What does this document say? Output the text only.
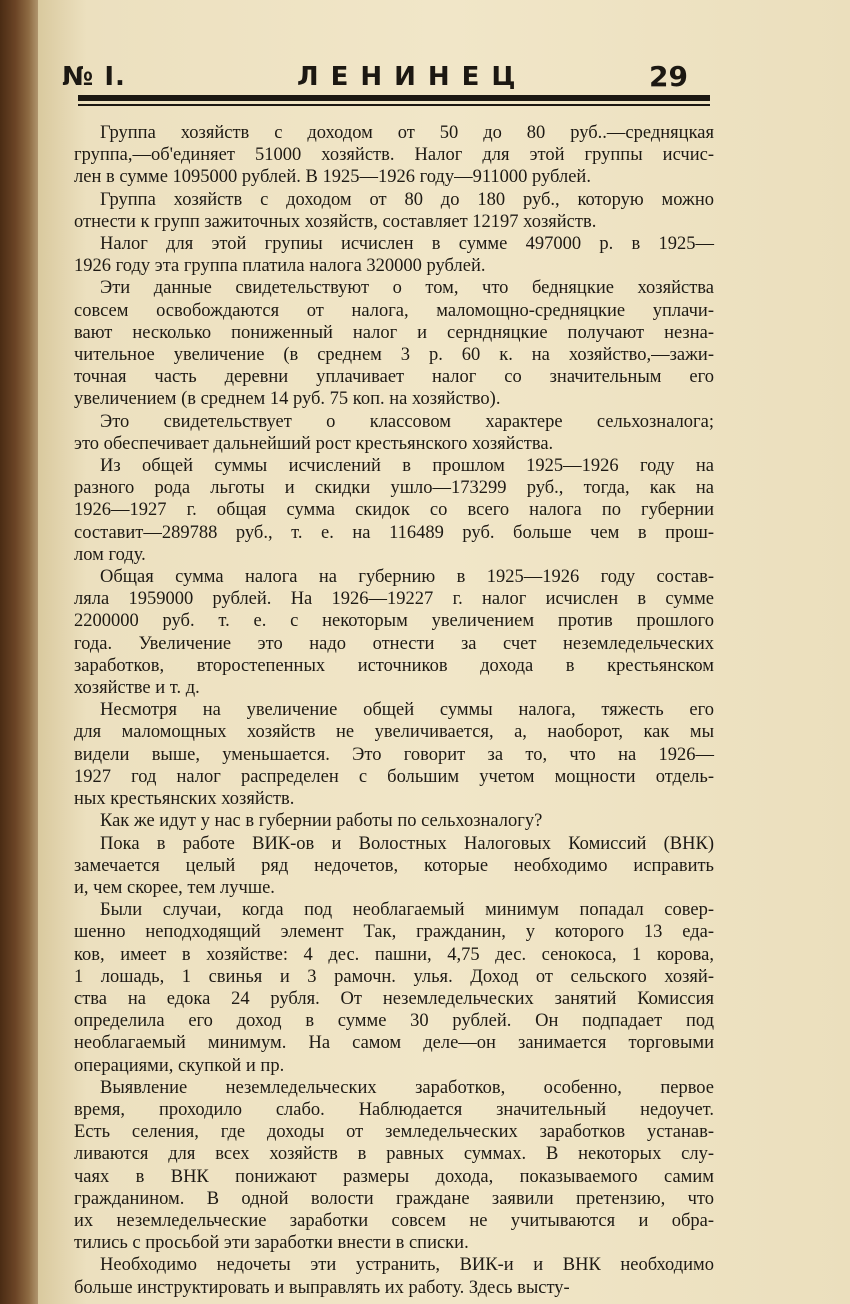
№ I.	ЛЕНИНЕЦ	29
Группа хозяйств с доходом от 50 до 80 руб..—средняцкая
группа,—об'единяет 51000 хозяйств. Налог для этой группы исчис-
лен в сумме 1095000 рублей. В 1925—1926 году—911000 рублей.
Группа хозяйств с доходом от 80 до 180 руб., которую можно
отнести к групп зажиточных хозяйств, составляет 12197 хозяйств.
Налог для этой групиы исчислен в сумме 497000 р. в 1925—
1926 году эта группа платила налога 320000 рублей.
Эти данные свидетельствуют о том, что бедняцкие хозяйства
совсем освобождаются от налога, маломощно-средняцкие уплачи-
вают несколько пониженный налог и серндняцкие получают незна-
чительное увеличение (в среднем 3 р. 60 к. на хозяйство,—зажи-
точная часть деревни уплачивает налог со значительным его
увеличением (в среднем 14 руб. 75 коп. на хозяйство).
Это свидетельствует о классовом характере сельхозналога;
это обеспечивает дальнейший рост крестьянского хозяйства.
Из общей суммы исчислений в прошлом 1925—1926 году на
разного рода льготы и скидки ушло—173299 руб., тогда, как на
1926—1927 г. общая сумма скидок со всего налога по губернии
составит—289788 руб., т. е. на 116489 руб. больше чем в прош-
лом году.
Общая сумма налога на губернию в 1925—1926 году состав-
ляла 1959000 рублей. На 1926—19227 г. налог исчислен в сумме
2200000 руб. т. е. с некоторым увеличением против прошлого
года. Увеличение это надо отнести за счет неземледельческих
заработков, второстепенных источников дохода в крестьянском
хозяйстве и т. д.
Несмотря на увеличение общей суммы налога, тяжесть его
для маломощных хозяйств не увеличивается, а, наоборот, как мы
видели выше, уменьшается. Это говорит за то, что на 1926—
1927 год налог распределен с большим учетом мощности отдель-
ных крестьянских хозяйств.
Как же идут у нас в губернии работы по сельхозналогу?
Пока в работе ВИК-ов и Волостных Налоговых Комиссий (ВНК)
замечается целый ряд недочетов, которые необходимо исправить
и, чем скорее, тем лучше.
Были случаи, когда под необлагаемый минимум попадал совер-
шенно неподходящий элемент Так, гражданин, у которого 13 еда-
ков, имеет в хозяйстве: 4 дес. пашни, 4,75 дес. сенокоса, 1 корова,
1 лошадь, 1 свинья и 3 рамочн. улья. Доход от сельского хозяй-
ства на едока 24 рубля. От неземледельческих занятий Комиссия
определила его доход в сумме 30 рублей. Он подпадает под
необлагаемый минимум. На самом деле—он занимается торговыми
операциями, скупкой и пр.
Выявление неземледельческих заработков, особенно, первое
время, проходило слабо. Наблюдается значительный недоучет.
Есть селения, где доходы от земледельческих заработков устанав-
ливаются для всех хозяйств в равных суммах. В некоторых слу-
чаях в ВНК понижают размеры дохода, показываемого самим
гражданином. В одной волости граждане заявили претензию, что
их неземледельческие заработки совсем не учитываются и обра-
тились с просьбой эти заработки внести в списки.
Необходимо недочеты эти устранить, ВИК-и и ВНК необходимо
больше инструктировать и выправлять их работу. Здесь высту-
